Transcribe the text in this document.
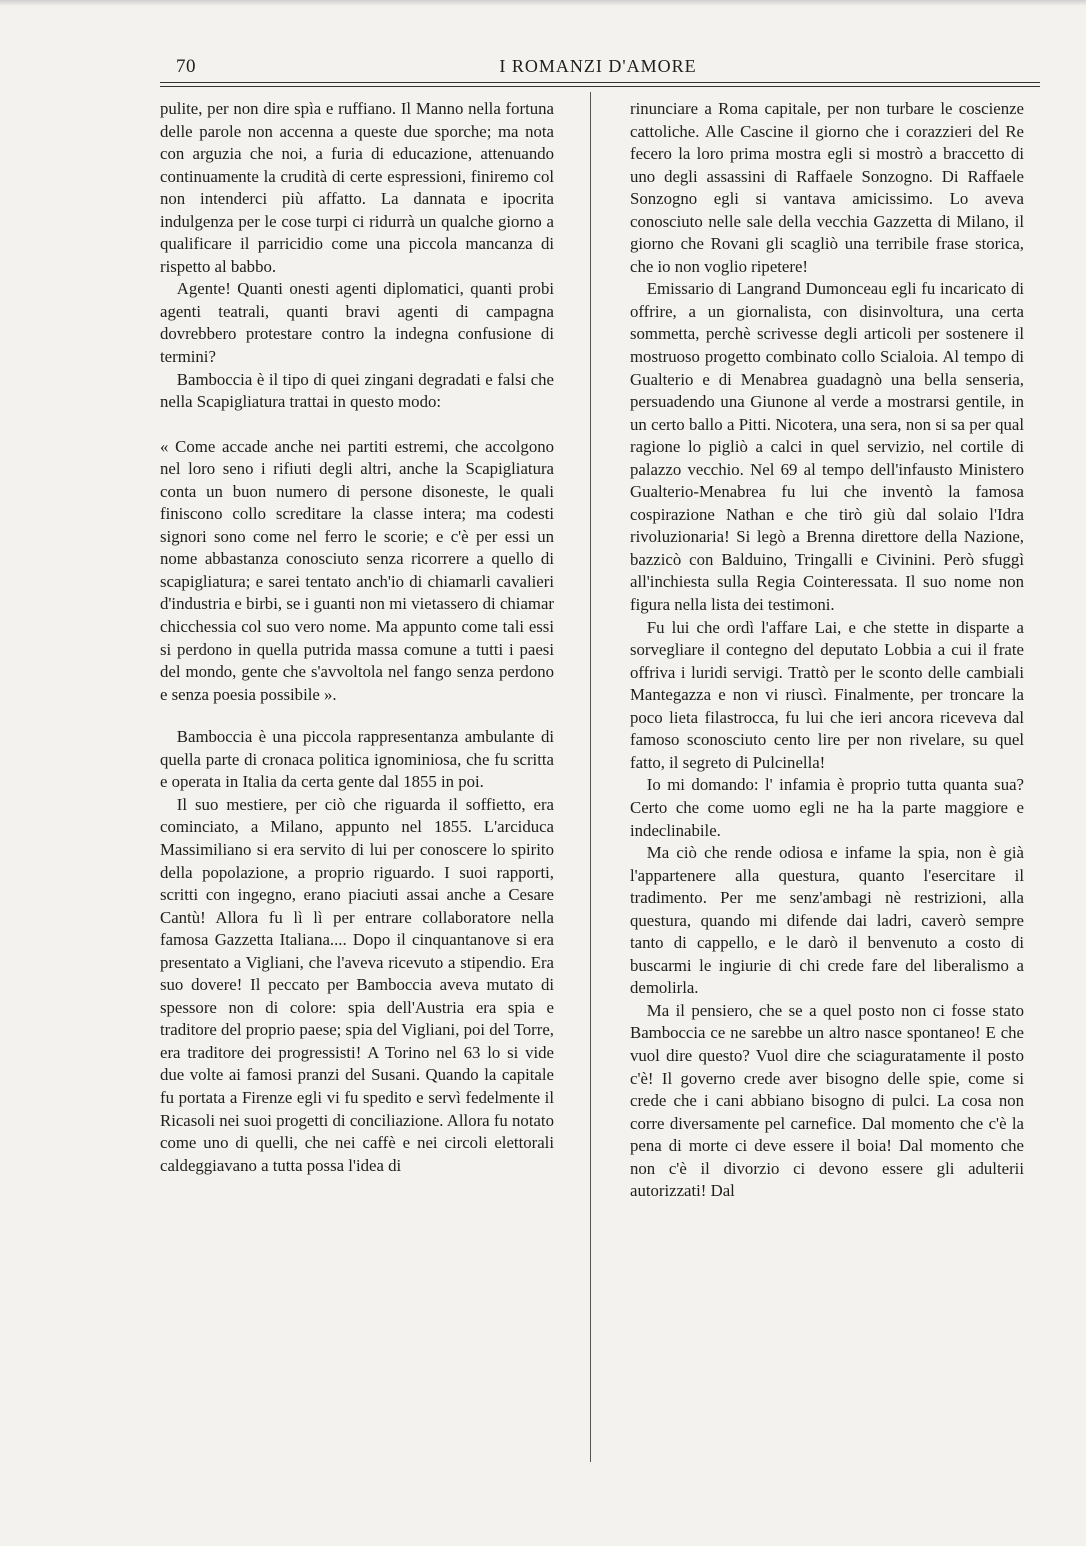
70	I ROMANZI D'AMORE

pulite, per non dire spìa e ruffiano. Il Manno nella fortuna delle parole non accenna a queste due sporche; ma nota con arguzia che noi, a furia di educazione, attenuando continuamente la crudità di certe espressioni, finiremo col non intenderci più affatto. La dannata e ipocrita indulgenza per le cose turpi ci ridurrà un qualche giorno a qualificare il parricidio come una piccola mancanza di rispetto al babbo.

Agente! Quanti onesti agenti diplomatici, quanti probi agenti teatrali, quanti bravi agenti di campagna dovrebbero protestare contro la indegna confusione di termini?

Bamboccia è il tipo di quei zingani degradati e falsi che nella Scapigliatura trattai in questo modo:

« Come accade anche nei partiti estremi, che accolgono nel loro seno i rifiuti degli altri, anche la Scapigliatura conta un buon numero di persone disoneste, le quali finiscono collo screditare la classe intera; ma codesti signori sono come nel ferro le scorie; e c'è per essi un nome abbastanza conosciuto senza ricorrere a quello di scapigliatura; e sarei tentato anch'io di chiamarli cavalieri d'industria e birbi, se i guanti non mi vietassero di chiamar chicchessia col suo vero nome. Ma appunto come tali essi si perdono in quella putrida massa comune a tutti i paesi del mondo, gente che s'avvoltola nel fango senza perdono e senza poesia possibile ».

Bamboccia è una piccola rappresentanza ambulante di quella parte di cronaca politica ignominiosa, che fu scritta e operata in Italia da certa gente dal 1855 in poi.

Il suo mestiere, per ciò che riguarda il soffietto, era cominciato, a Milano, appunto nel 1855. L'arciduca Massimiliano si era servito di lui per conoscere lo spirito della popolazione, a proprio riguardo. I suoi rapporti, scritti con ingegno, erano piaciuti assai anche a Cesare Cantù! Allora fu lì lì per entrare collaboratore nella famosa Gazzetta Italiana.... Dopo il cinquantanove si era presentato a Vigliani, che l'aveva ricevuto a stipendio. Era suo dovere! Il peccato per Bamboccia aveva mutato di spessore non di colore: spia dell'Austria era spia e traditore del proprio paese; spia del Vigliani, poi del Torre, era traditore dei progressisti! A Torino nel 63 lo si vide due volte ai famosi pranzi del Susani. Quando la capitale fu portata a Firenze egli vi fu spedito e servì fedelmente il Ricasoli nei suoi progetti di conciliazione. Allora fu notato come uno di quelli, che nei caffè e nei circoli elettorali caldeggiavano a tutta possa l'idea di

rinunciare a Roma capitale, per non turbare le coscienze cattoliche. Alle Cascine il giorno che i corazzieri del Re fecero la loro prima mostra egli si mostrò a braccetto di uno degli assassini di Raffaele Sonzogno. Di Raffaele Sonzogno egli si vantava amicissimo. Lo aveva conosciuto nelle sale della vecchia Gazzetta di Milano, il giorno che Rovani gli scagliò una terribile frase storica, che io non voglio ripetere!

Emissario di Langrand Dumonceau egli fu incaricato di offrire, a un giornalista, con disinvoltura, una certa sommetta, perchè scrivesse degli articoli per sostenere il mostruoso progetto combinato collo Scialoia. Al tempo di Gualterio e di Menabrea guadagnò una bella senseria, persuadendo una Giunone al verde a mostrarsi gentile, in un certo ballo a Pitti. Nicotera, una sera, non si sa per qual ragione lo pigliò a calci in quel servizio, nel cortile di palazzo vecchio. Nel 69 al tempo dell'infausto Ministero Gualterio-Menabrea fu lui che inventò la famosa cospirazione Nathan e che tirò giù dal solaio l'Idra rivoluzionaria! Si legò a Brenna direttore della Nazione, bazzicò con Balduino, Tringalli e Civinini. Però sfuggì all'inchiesta sulla Regia Cointeressata. Il suo nome non figura nella lista dei testimoni.

Fu lui che ordì l'affare Lai, e che stette in disparte a sorvegliare il contegno del deputato Lobbia a cui il frate offriva i luridi servigi. Trattò per le sconto delle cambiali Mantegazza e non vi riuscì. Finalmente, per troncare la poco lieta filastrocca, fu lui che ieri ancora riceveva dal famoso sconosciuto cento lire per non rivelare, su quel fatto, il segreto di Pulcinella!

Io mi domando: l' infamia è proprio tutta quanta sua? Certo che come uomo egli ne ha la parte maggiore e indeclinabile.

Ma ciò che rende odiosa e infame la spia, non è già l'appartenere alla questura, quanto l'esercitare il tradimento. Per me senz'ambagi nè restrizioni, alla questura, quando mi difende dai ladri, caverò sempre tanto di cappello, e le darò il benvenuto a costo di buscarmi le ingiurie di chi crede fare del liberalismo a demolirla.

Ma il pensiero, che se a quel posto non ci fosse stato Bamboccia ce ne sarebbe un altro nasce spontaneo! E che vuol dire questo? Vuol dire che sciaguratamente il posto c'è! Il governo crede aver bisogno delle spie, come si crede che i cani abbiano bisogno di pulci. La cosa non corre diversamente pel carnefice. Dal momento che c'è la pena di morte ci deve essere il boia! Dal momento che non c'è il divorzio ci devono essere gli adulterii autorizzati! Dal
